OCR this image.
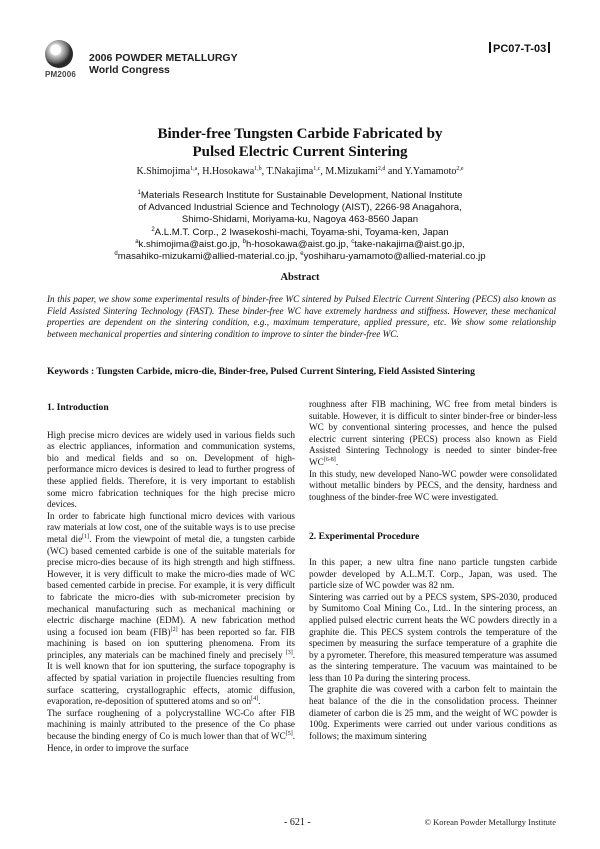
PM2006
2006 POWDER METALLURGY
World Congress
PC07-T-03
Binder-free Tungsten Carbide Fabricated by
Pulsed Electric Current Sintering
K.Shimojima$^{1,a}$, H.Hosokawa$^{1,b}$, T.Nakajima$^{1,c}$, M.Mizukami$^{2,d}$ and Y.Yamamoto$^{2,e}$
$^1$Materials Research Institute for Sustainable Development, National Institute
of Advanced Industrial Science and Technology (AIST), 2266-98 Anagahora,
Shimo-Shidami, Moriyama-ku, Nagoya 463-8560 Japan
$^2$A.L.M.T. Corp., 2 Iwasekoshi-machi, Toyama-shi, Toyama-ken, Japan
$^a$k.shimojima@aist.go.jp, $^b$h-hosokawa@aist.go.jp, $^c$take-nakajima@aist.go.jp,
$^d$masahiko-mizukami@allied-material.co.jp, $^e$yoshiharu-yamamoto@allied-material.co.jp
Abstract

In this paper, we show some experimental results of binder-free WC sintered by Pulsed Electric Current Sintering (PECS) also known as Field Assisted Sintering Technology (FAST). These binder-free WC have extremely hardness and stiffness. However, these mechanical properties are dependent on the sintering condition, e.g., maximum temperature, applied pressure, etc. We show some relationship between mechanical properties and sintering condition to improve to sinter the binder-free WC.

Keywords : Tungsten Carbide, micro-die, Binder-free, Pulsed Current Sintering, Field Assisted Sintering

1. Introduction

High precise micro devices are widely used in various fields such as electric appliances, information and communication systems, bio and medical fields and so on. Development of high-performance micro devices is desired to lead to further progress of these applied fields. Therefore, it is very important to establish some micro fabrication techniques for the high precise micro devices.

In order to fabricate high functional micro devices with various raw materials at low cost, one of the suitable ways is to use precise metal die[1]. From the viewpoint of metal die, a tungsten carbide (WC) based cemented carbide is one of the suitable materials for precise micro-dies because of its high strength and high stiffness. However, it is very difficult to make the micro-dies made of WC based cemented carbide in precise. For example, it is very difficult to fabricate the micro-dies with sub-micrometer precision by mechanical manufacturing such as mechanical machining or electric discharge machine (EDM). A new fabrication method using a focused ion beam (FIB)[2] has been reported so far. FIB machining is based on ion sputtering phenomena. From its principles, any materials can be machined finely and precisely [3]. It is well known that for ion sputtering, the surface topography is affected by spatial variation in projectile fluencies resulting from surface scattering, crystallographic effects, atomic diffusion, evaporation, re-deposition of sputtered atoms and so on[4].

The surface roughening of a polycrystalline WC-Co after FIB machining is mainly attributed to the presence of the Co phase because the binding energy of Co is much lower than that of WC[5]. Hence, in order to improve the surface

roughness after FIB machining, WC free from metal binders is suitable. However, it is difficult to sinter binder-free or binder-less WC by conventional sintering processes, and hence the pulsed electric current sintering (PECS) process also known as Field Assisted Sintering Technology is needed to sinter binder-free WC[6-8].

In this study, new developed Nano-WC powder were consolidated without metallic binders by PECS, and the density, hardness and toughness of the binder-free WC were investigated.

2. Experimental Procedure

In this paper, a new ultra fine nano particle tungsten carbide powder developed by A.L.M.T. Corp., Japan, was used. The particle size of WC powder was 82 nm.

Sintering was carried out by a PECS system, SPS-2030, produced by Sumitomo Coal Mining Co., Ltd.. In the sintering process, an applied pulsed electric current heats the WC powders directly in a graphite die. This PECS system controls the temperature of the specimen by measuring the surface temperature of a graphite die by a pyrometer. Therefore, this measured temperature was assumed as the sintering temperature. The vacuum was maintained to be less than 10 Pa during the sintering process.

The graphite die was covered with a carbon felt to maintain the heat balance of the die in the consolidation process. Theinner diameter of carbon die is 25 mm, and the weight of WC powder is 100g. Experiments were carried out under various conditions as follows; the maximum sintering

- 621 -	© Korean Powder Metallurgy Institute
